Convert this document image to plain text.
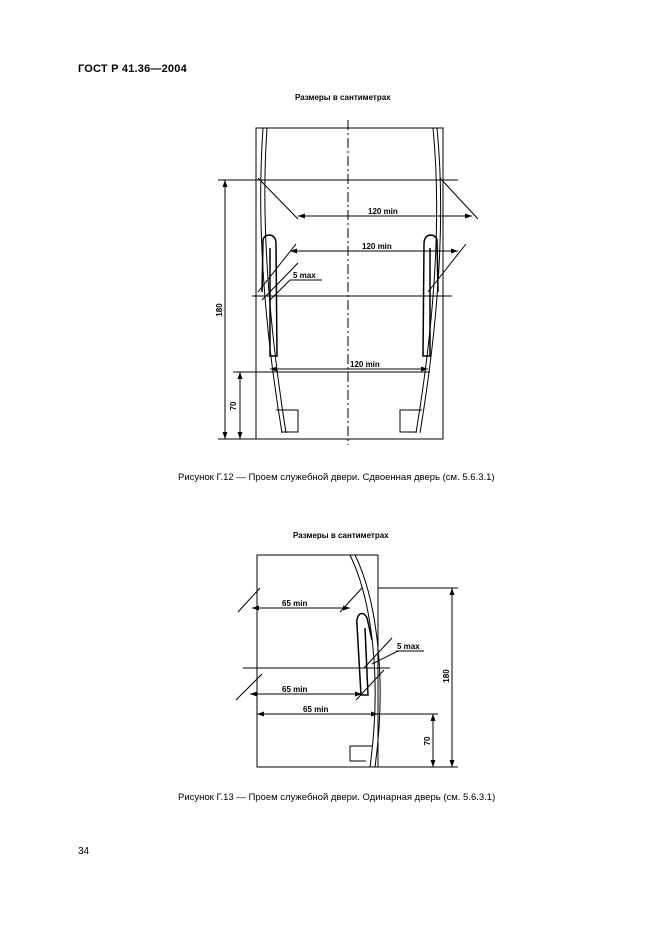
ГОСТ Р 41.36—2004
Размеры в сантиметрах
120 min
120 min
5 max
120 min
180
70
65 min
65 min
65 min
5 max
180
70
Рисунок Г.12 — Проем служебной двери. Сдвоенная дверь (см. 5.6.3.1)
Размеры в сантиметрах
Рисунок Г.13 — Проем служебной двери. Одинарная дверь (см. 5.6.3.1)
34
